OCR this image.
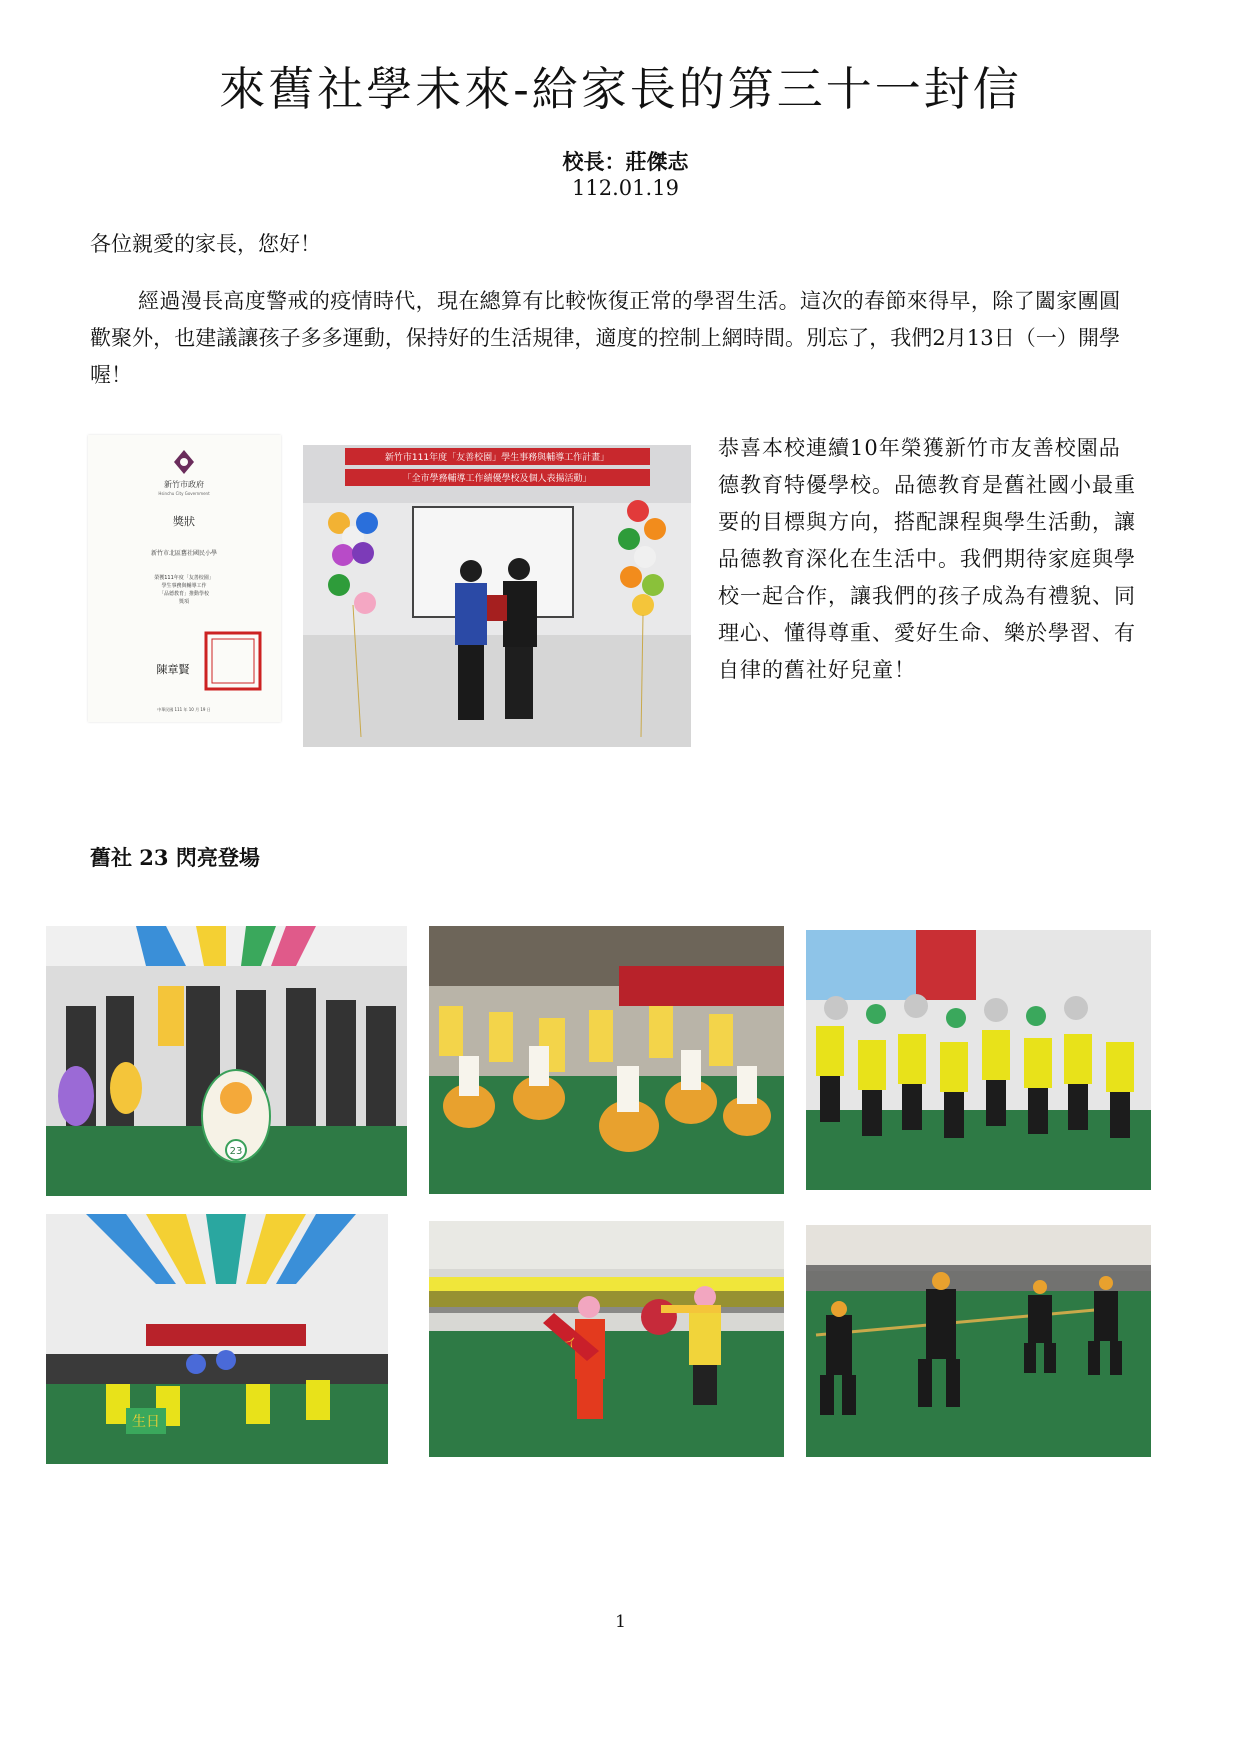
來舊社學未來-給家長的第三十一封信
校長：莊傑志
112.01.19
各位親愛的家長，您好！
經過漫長高度警戒的疫情時代，現在總算有比較恢復正常的學習生活。這次的春節來得早，除了闔家團圓歡聚外，也建議讓孩子多多運動，保持好的生活規律，適度的控制上網時間。別忘了，我們2月13日（一）開學喔！
新竹市政府
Hsinchu City Government
獎狀
新竹市北區舊社國民小學
榮獲111年度「友善校園」
學生事務與輔導工作
「品德教育」推動學校
獎項
陳章賢
中華民國 111 年 10 月 19 日
新竹市111年度「友善校園」學生事務與輔導工作計畫」
「全市學務輔導工作績優學校及個人表揚活動」
恭喜本校連續10年榮獲新竹市友善校園品德教育特優學校。品德教育是舊社國小最重要的目標與方向，搭配課程與學生活動，讓品德教育深化在生活中。我們期待家庭與學校一起合作，讓我們的孩子成為有禮貌、同理心、懂得尊重、愛好生命、樂於學習、有自律的舊社好兒童！
舊社 23 閃亮登場
23
生日
人
1
